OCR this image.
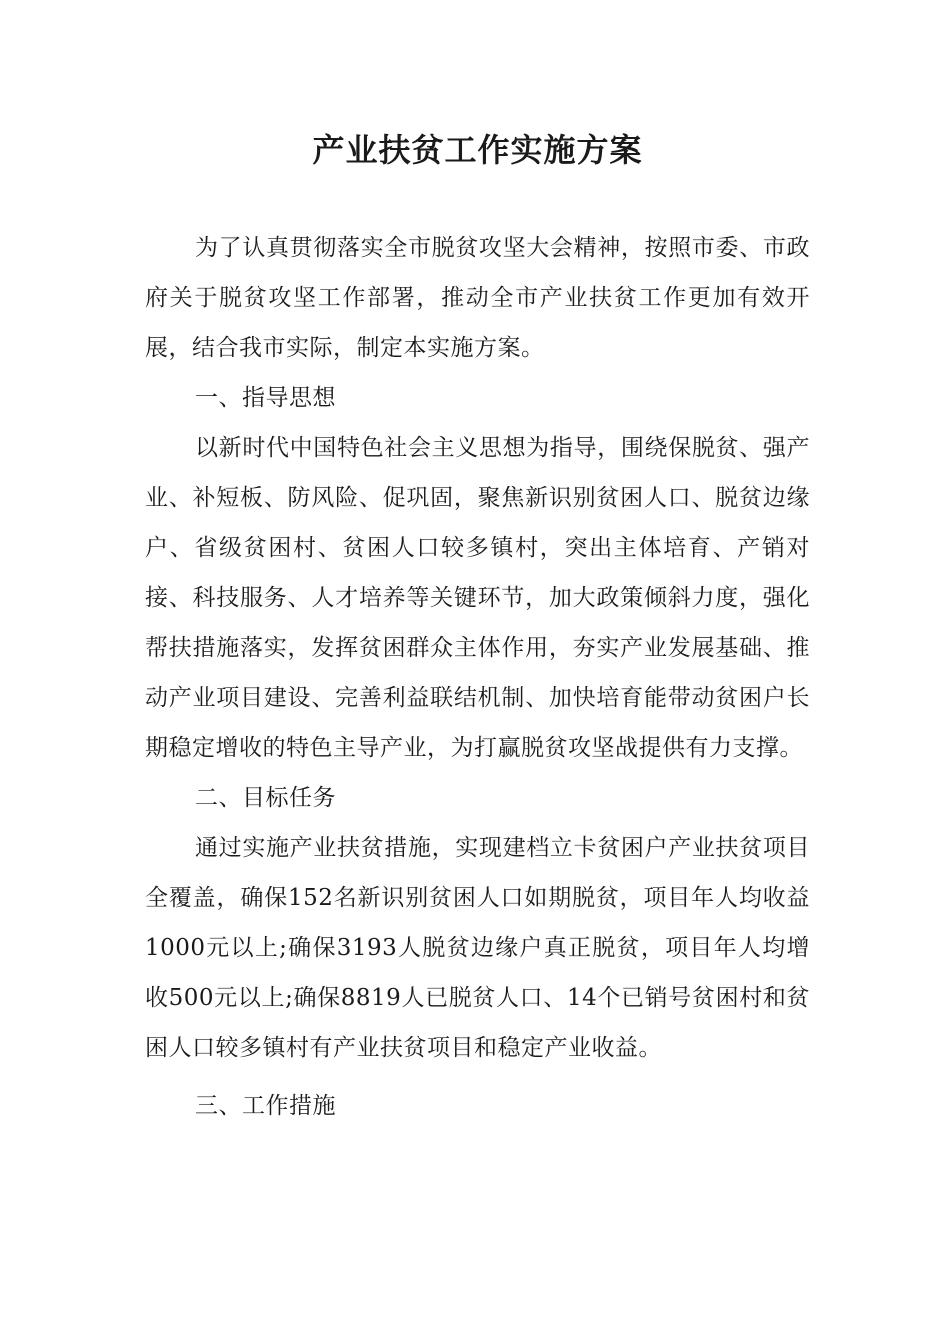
产业扶贫工作实施方案

为了认真贯彻落实全市脱贫攻坚大会精神，按照市委、市政府关于脱贫攻坚工作部署，推动全市产业扶贫工作更加有效开展，结合我市实际，制定本实施方案。

一、指导思想

以新时代中国特色社会主义思想为指导，围绕保脱贫、强产业、补短板、防风险、促巩固，聚焦新识别贫困人口、脱贫边缘户、省级贫困村、贫困人口较多镇村，突出主体培育、产销对接、科技服务、人才培养等关键环节，加大政策倾斜力度，强化帮扶措施落实，发挥贫困群众主体作用，夯实产业发展基础、推动产业项目建设、完善利益联结机制、加快培育能带动贫困户长期稳定增收的特色主导产业，为打赢脱贫攻坚战提供有力支撑。

二、目标任务

通过实施产业扶贫措施，实现建档立卡贫困户产业扶贫项目全覆盖，确保152名新识别贫困人口如期脱贫，项目年人均收益1000元以上;确保3193人脱贫边缘户真正脱贫，项目年人均增收500元以上;确保8819人已脱贫人口、14个已销号贫困村和贫困人口较多镇村有产业扶贫项目和稳定产业收益。

三、工作措施
